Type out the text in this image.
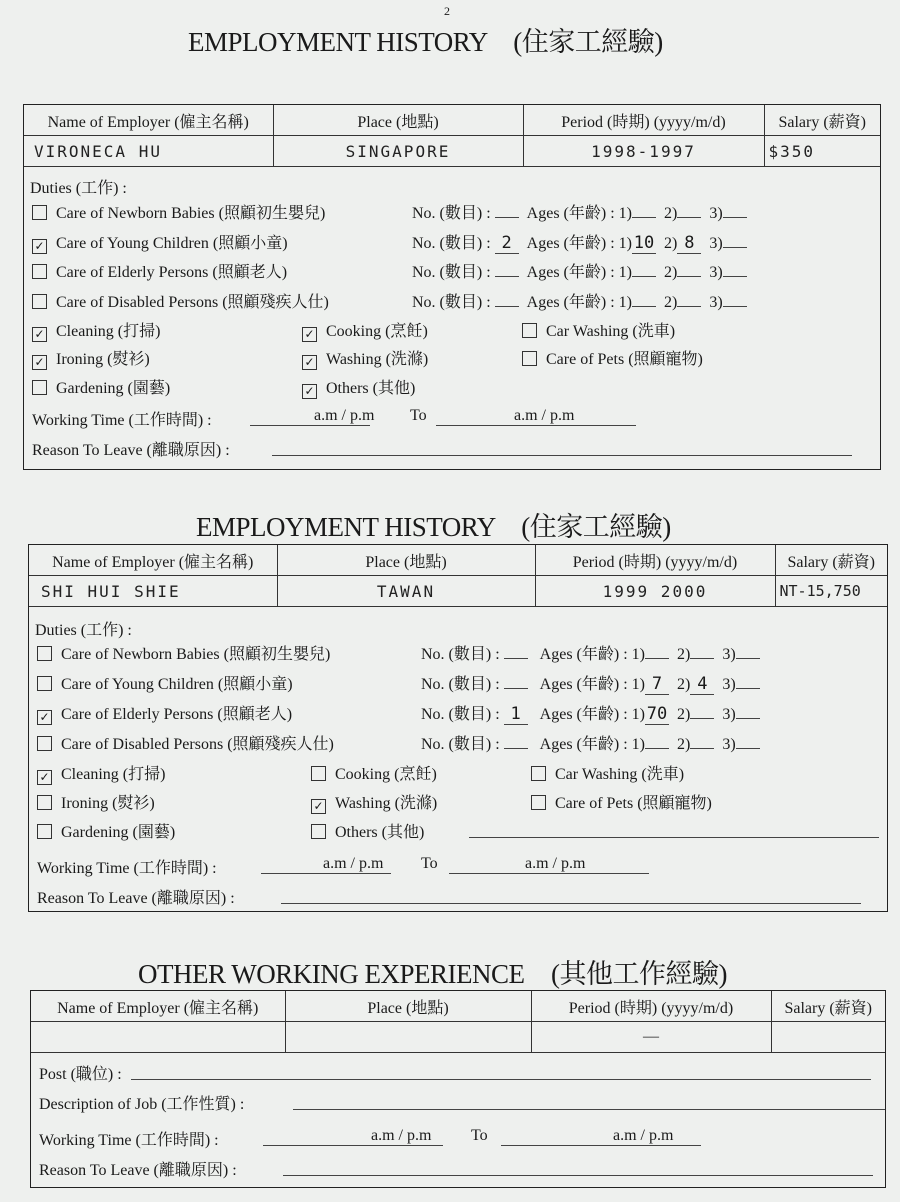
2
EMPLOYMENT HISTORY　(住家工經驗)
Name of Employer (僱主名稱)	Place (地點)	Period (時期) (yyyy/m/d)	Salary (薪資)
VIRONECA HU	SINGAPORE	1998-1997	$350
Duties (工作) :
Care of Newborn Babies (照顧初生嬰兒)	No. (數目) : Ages (年齡) : 1) 2) 3)
✓ Care of Young Children (照顧小童)	No. (數目) : 2 Ages (年齡) : 1) 10 2) 8 3)
Care of Elderly Persons (照顧老人)	No. (數目) : Ages (年齡) : 1) 2) 3)
Care of Disabled Persons (照顧殘疾人仕)	No. (數目) : Ages (年齡) : 1) 2) 3)
✓ Cleaning (打掃)	✓ Cooking (烹飪)	Car Washing (洗車)
✓ Ironing (熨衫)	✓ Washing (洗滌)	Care of Pets (照顧寵物)
Gardening (園藝)	✓ Others (其他)
Working Time (工作時間) :	a.m / p.m To	a.m / p.m
Reason To Leave (離職原因) :
EMPLOYMENT HISTORY　(住家工經驗)
Name of Employer (僱主名稱)	Place (地點)	Period (時期) (yyyy/m/d)	Salary (薪資)
SHI HUI SHIE	TAWAN	1999 2000	NT-15,750
Duties (工作) :
Care of Newborn Babies (照顧初生嬰兒)	No. (數目) :	Ages (年齡) : 1) 2) 3)
Care of Young Children (照顧小童)	No. (數目) :	Ages (年齡) : 1) 7 2) 4 3)
✓ Care of Elderly Persons (照顧老人)	No. (數目) : 1 Ages (年齡) : 1) 70 2) 3)
Care of Disabled Persons (照顧殘疾人仕)	No. (數目) :	Ages (年齡) : 1) 2) 3)
✓ Cleaning (打掃)	Cooking (烹飪)	Car Washing (洗車)
Ironing (熨衫)	✓ Washing (洗滌)	Care of Pets (照顧寵物)
Gardening (園藝)	Others (其他)
Working Time (工作時間) :	a.m / p.m To	a.m / p.m
Reason To Leave (離職原因) :
OTHER WORKING EXPERIENCE　(其他工作經驗)
Name of Employer (僱主名稱)	Place (地點)	Period (時期) (yyyy/m/d)	Salary (薪資)
		—	
Post (職位) :
Description of Job (工作性質) :
Working Time (工作時間) :	a.m / p.m To	a.m / p.m
Reason To Leave (離職原因) :
